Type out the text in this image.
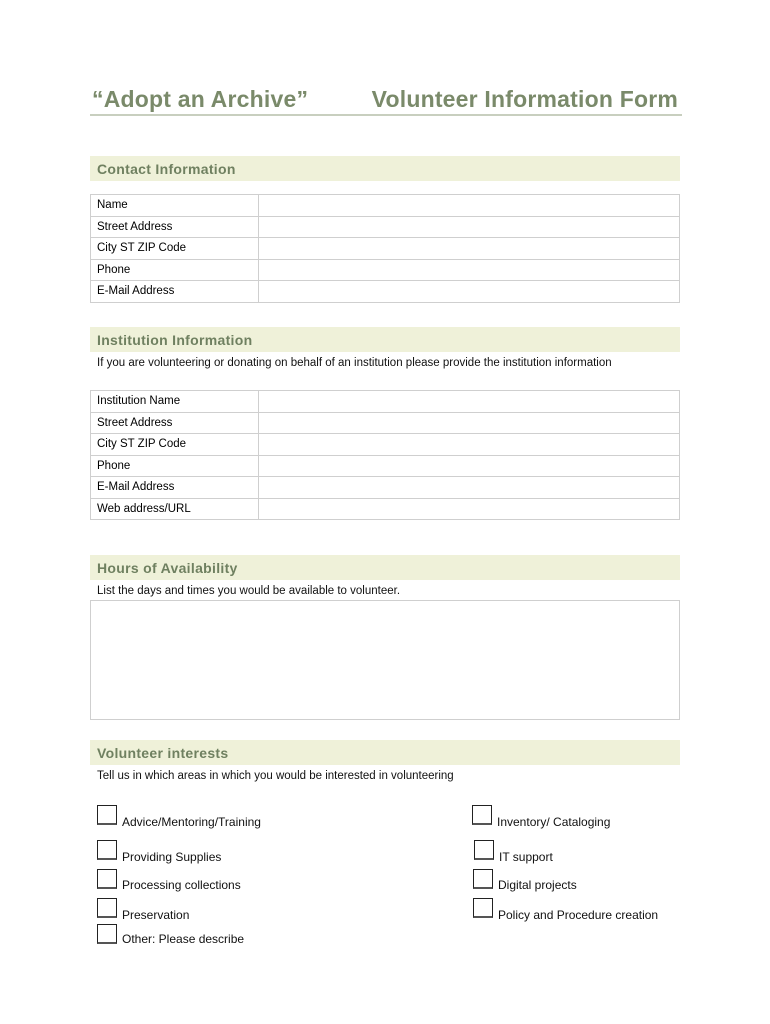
“Adopt an Archive”	Volunteer Information Form
Contact Information
Name	
Street Address	
City ST ZIP Code	
Phone	
E-Mail Address	
Institution Information
If you are volunteering or donating on behalf of an institution please provide the institution information
Institution Name	
Street Address	
City ST ZIP Code	
Phone	
E-Mail Address	
Web address/URL	
Hours of Availability
List the days and times you would be available to volunteer.
Volunteer interests
Tell us in which areas in which you would be interested in volunteering
Advice/Mentoring/Training
Providing Supplies
Processing collections
Preservation
Other: Please describe
Inventory/ Cataloging
IT support
Digital projects
Policy and Procedure creation
